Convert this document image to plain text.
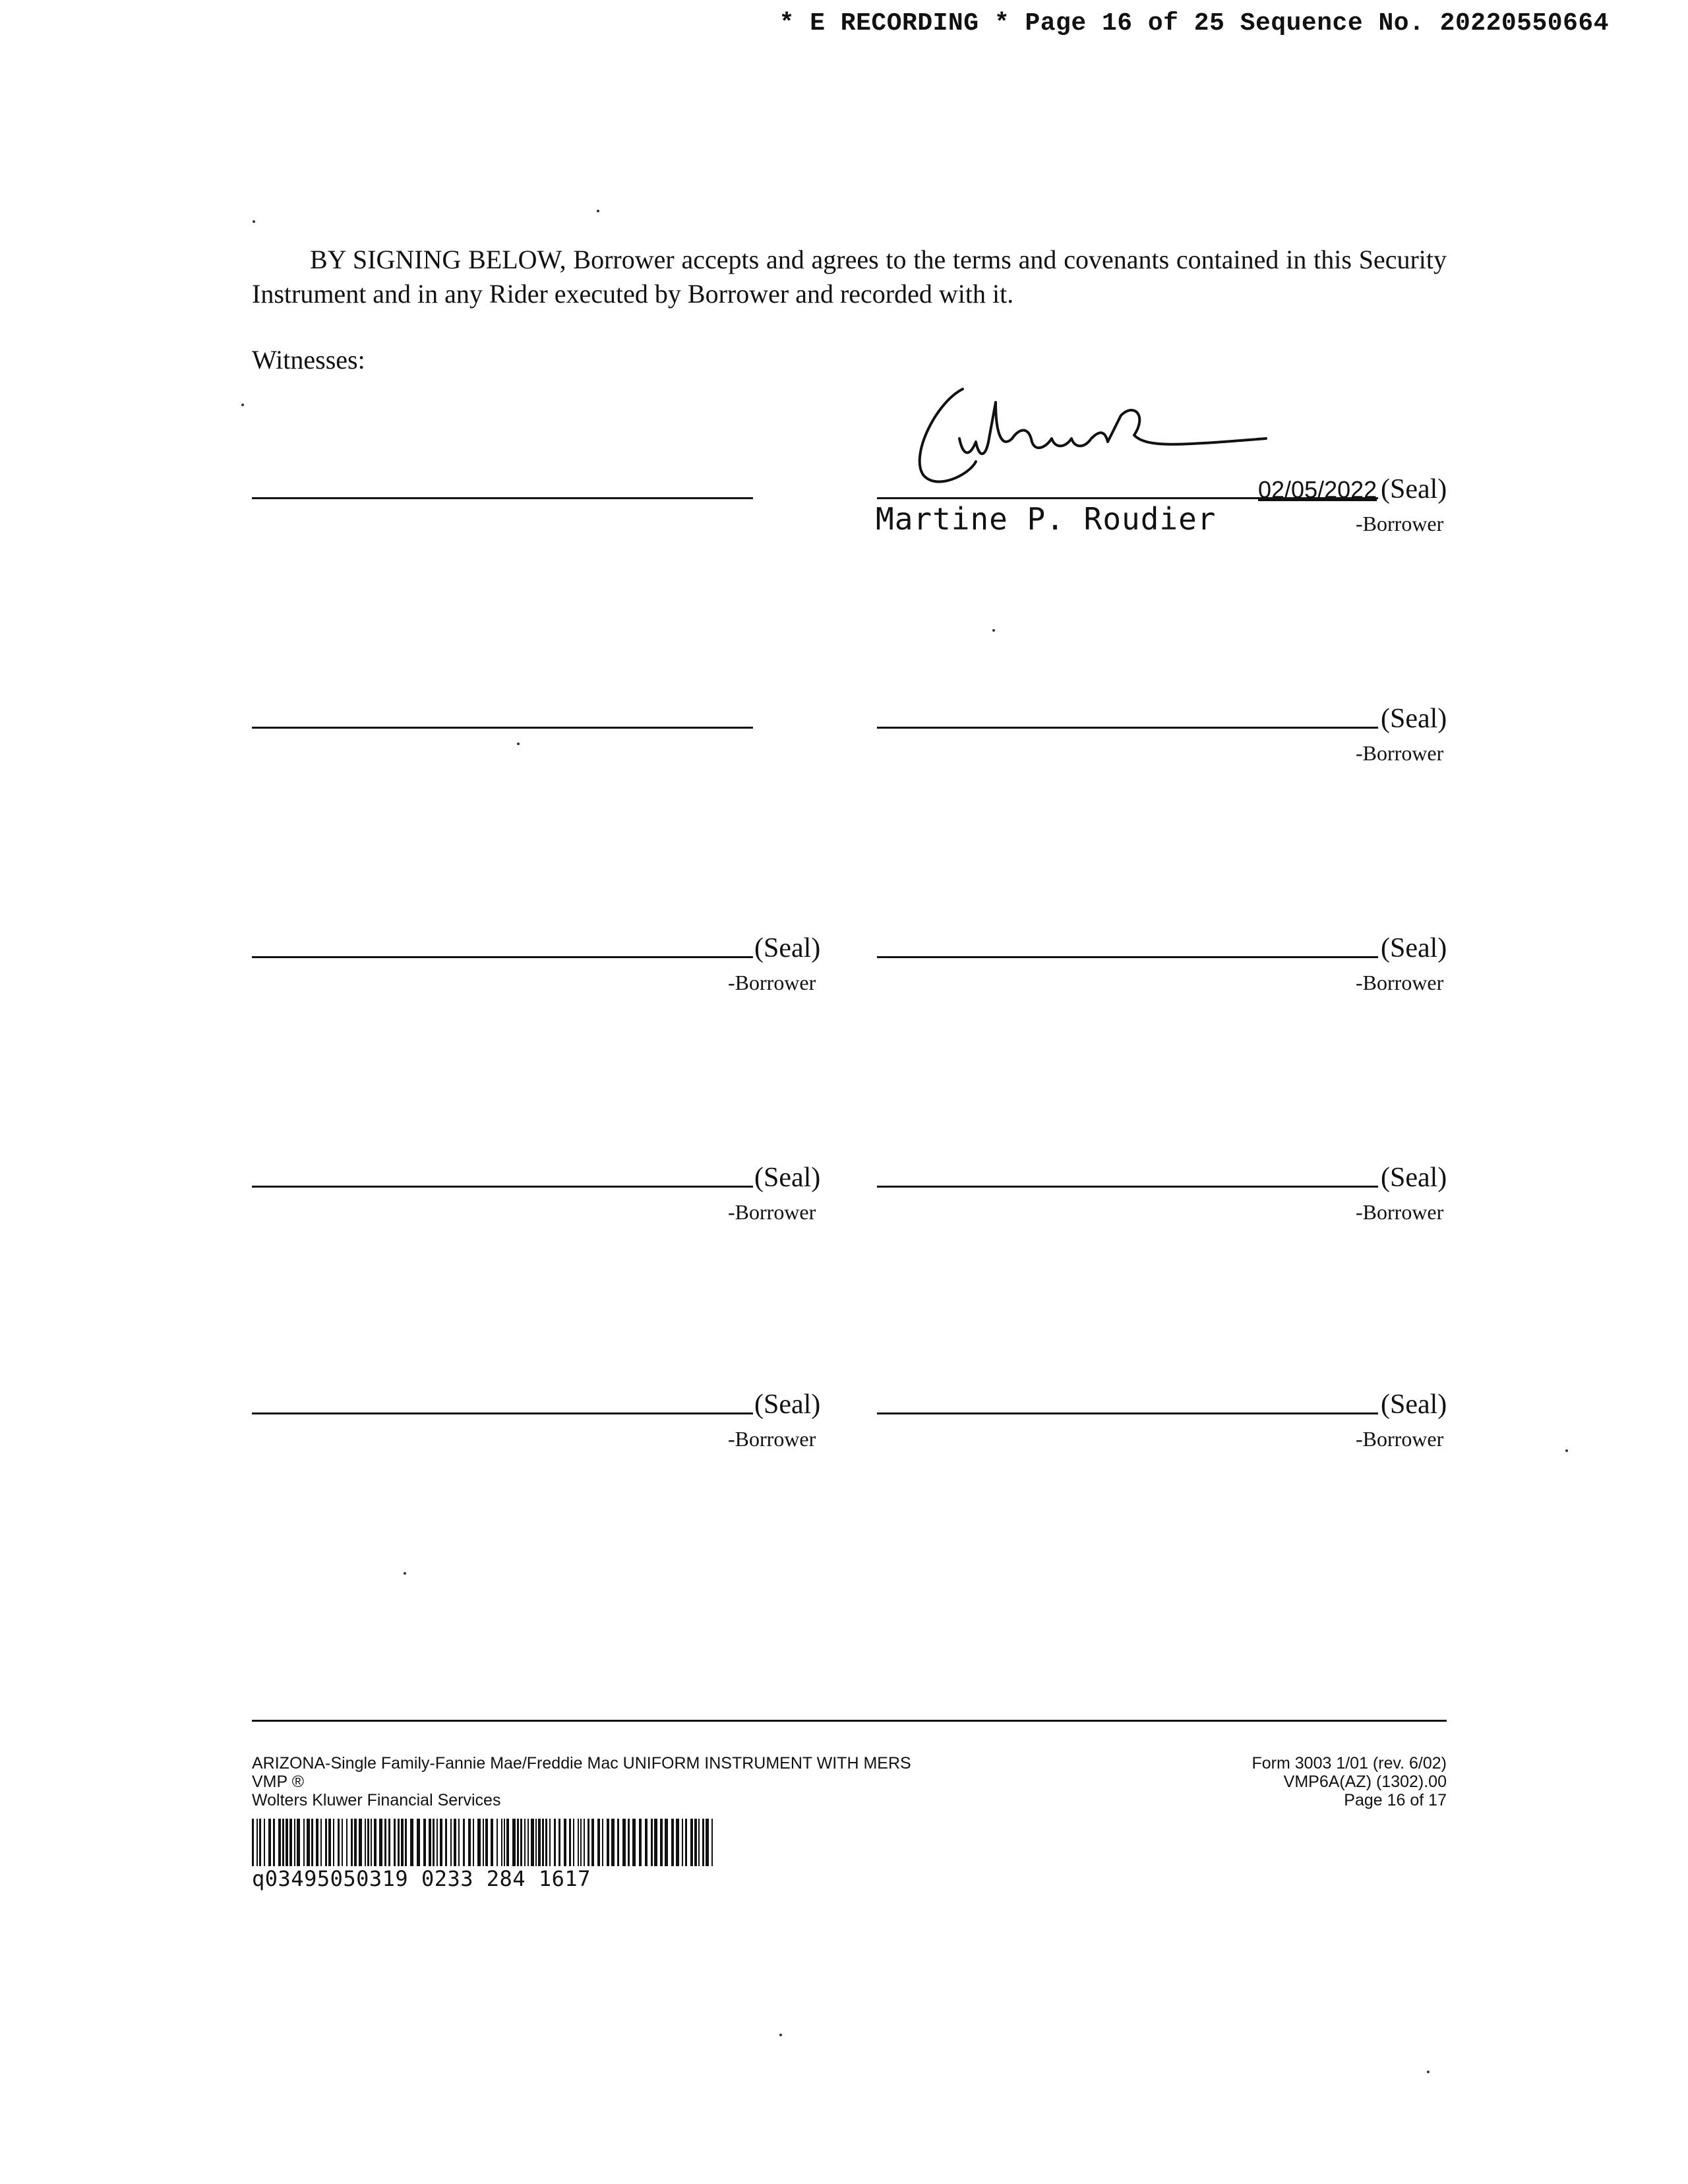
* E RECORDING * Page 16 of 25 Sequence No. 20220550664

BY SIGNING BELOW, Borrower accepts and agrees to the terms and covenants contained in this Security Instrument and in any Rider executed by Borrower and recorded with it.

Witnesses:
02/05/2022 (Seal)
Martine P. Roudier	-Borrower
(Seal)
-Borrower
(Seal)
-Borrower
(Seal)
-Borrower
(Seal)
-Borrower
(Seal)
-Borrower
(Seal)
-Borrower
(Seal)
-Borrower
ARIZONA-Single Family-Fannie Mae/Freddie Mac UNIFORM INSTRUMENT WITH MERS
VMP ®
Wolters Kluwer Financial Services
Form 3003 1/01 (rev. 6/02)
VMP6A(AZ) (1302).00
Page 16 of 17
q03495050319 0233 284 1617
